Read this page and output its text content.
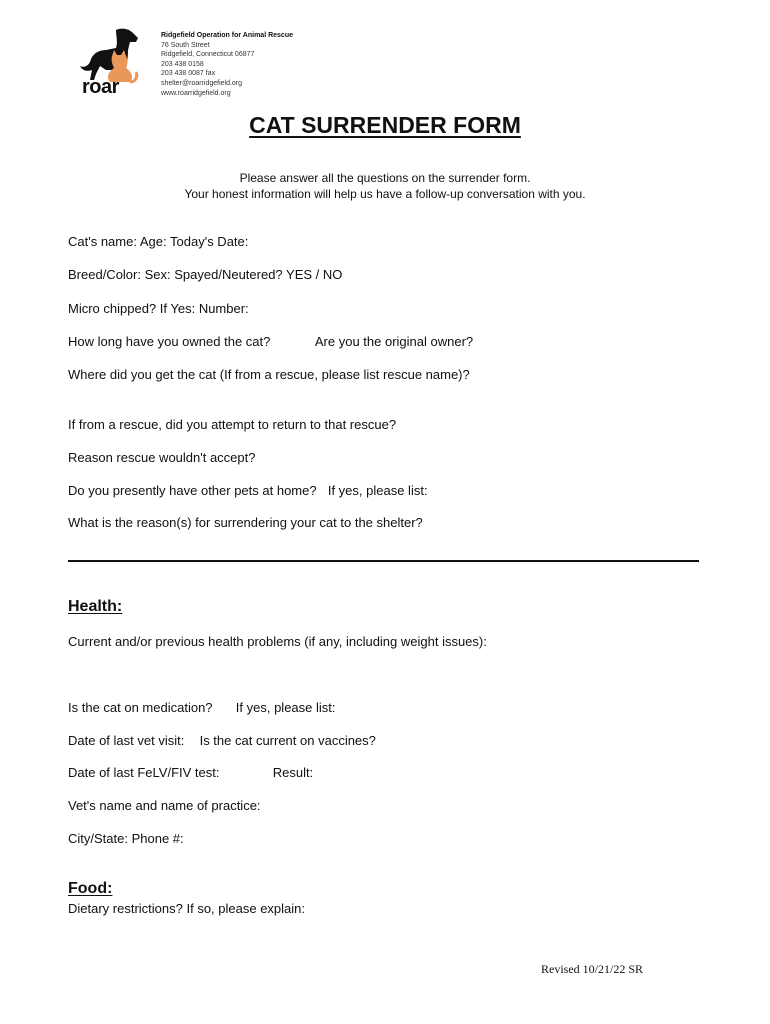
roar
Ridgefield Operation for Animal Rescue
76 South Street
Ridgefield, Connecticut 06877
203 438 0158
203 438 0087 fax
shelter@roarridgefield.org
www.roarridgefield.org
CAT SURRENDER FORM
Please answer all the questions on the surrender form.
Your honest information will help us have a follow-up conversation with you.
Cat's name: Age: Today's Date:
Breed/Color: Sex: Spayed/Neutered? YES / NO
Micro chipped? If Yes: Number:
How long have you owned the cat?	Are you the original owner?
Where did you get the cat (If from a rescue, please list rescue name)?
If from a rescue, did you attempt to return to that rescue?
Reason rescue wouldn't accept?
Do you presently have other pets at home? If yes, please list:
What is the reason(s) for surrendering your cat to the shelter?
Health:
Current and/or previous health problems (if any, including weight issues):
Is the cat on medication? If yes, please list:
Date of last vet visit: Is the cat current on vaccines?
Date of last FeLV/FIV test:	Result:
Vet's name and name of practice:
City/State: Phone #:
Food:
Dietary restrictions? If so, please explain:
Revised 10/21/22 SR
